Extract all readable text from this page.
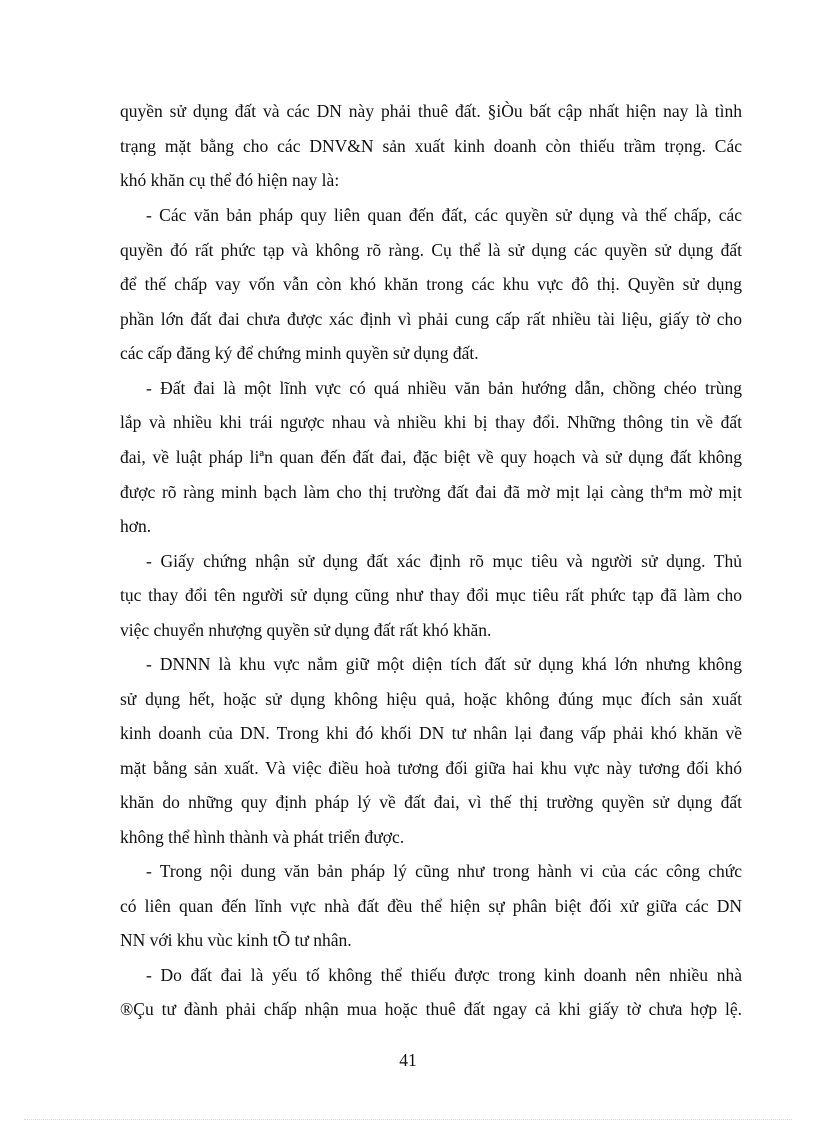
quyền sử dụng đất và các DN này phải thuê đất. §iÒu bất cập nhất hiện nay là tình
trạng mặt bằng cho các DNV&N sản xuất kinh doanh còn thiếu trầm trọng. Các
khó khăn cụ thể đó hiện nay là:
- Các văn bản pháp quy liên quan đến đất, các quyền sử dụng và thế chấp, các
quyền đó rất phức tạp và không rõ ràng. Cụ thể là sử dụng các quyền sử dụng đất
để thế chấp vay vốn vẫn còn khó khăn trong các khu vực đô thị. Quyền sử dụng
phần lớn đất đai chưa được xác định vì phải cung cấp rất nhiều tài liệu, giấy tờ cho
các cấp đăng ký để chứng minh quyền sử dụng đất.
- Đất đai là một lĩnh vực có quá nhiều văn bản hướng dẫn, chồng chéo trùng
lắp và nhiều khi trái ngược nhau và nhiều khi bị thay đổi. Những thông tin về đất
đai, về luật pháp liªn quan đến đất đai, đặc biệt về quy hoạch và sử dụng đất không
được rõ ràng minh bạch làm cho thị trường đất đai đã mờ mịt lại càng thªm mờ mịt
hơn.
- Giấy chứng nhận sử dụng đất xác định rõ mục tiêu và người sử dụng. Thủ
tục thay đổi tên người sử dụng cũng như thay đổi mục tiêu rất phức tạp đã làm cho
việc chuyển nhượng quyền sử dụng đất rất khó khăn.
- DNNN là khu vực nắm giữ một diện tích đất sử dụng khá lớn nhưng không
sử dụng hết, hoặc sử dụng không hiệu quả, hoặc không đúng mục đích sản xuất
kinh doanh của DN. Trong khi đó khối DN tư nhân lại đang vấp phải khó khăn về
mặt bằng sản xuất. Và việc điều hoà tương đối giữa hai khu vực này tương đối khó
khăn do những quy định pháp lý về đất đai, vì thế thị trường quyền sử dụng đất
không thể hình thành và phát triển được.
- Trong nội dung văn bản pháp lý cũng như trong hành vi của các công chức
có liên quan đến lĩnh vực nhà đất đều thể hiện sự phân biệt đối xử giữa các DN
NN với khu vùc kinh tÕ tư nhân.
- Do đất đai là yếu tố không thể thiếu được trong kinh doanh nên nhiều nhà
®Çu tư đành phải chấp nhận mua hoặc thuê đất ngay cả khi giấy tờ chưa hợp lệ.
41
